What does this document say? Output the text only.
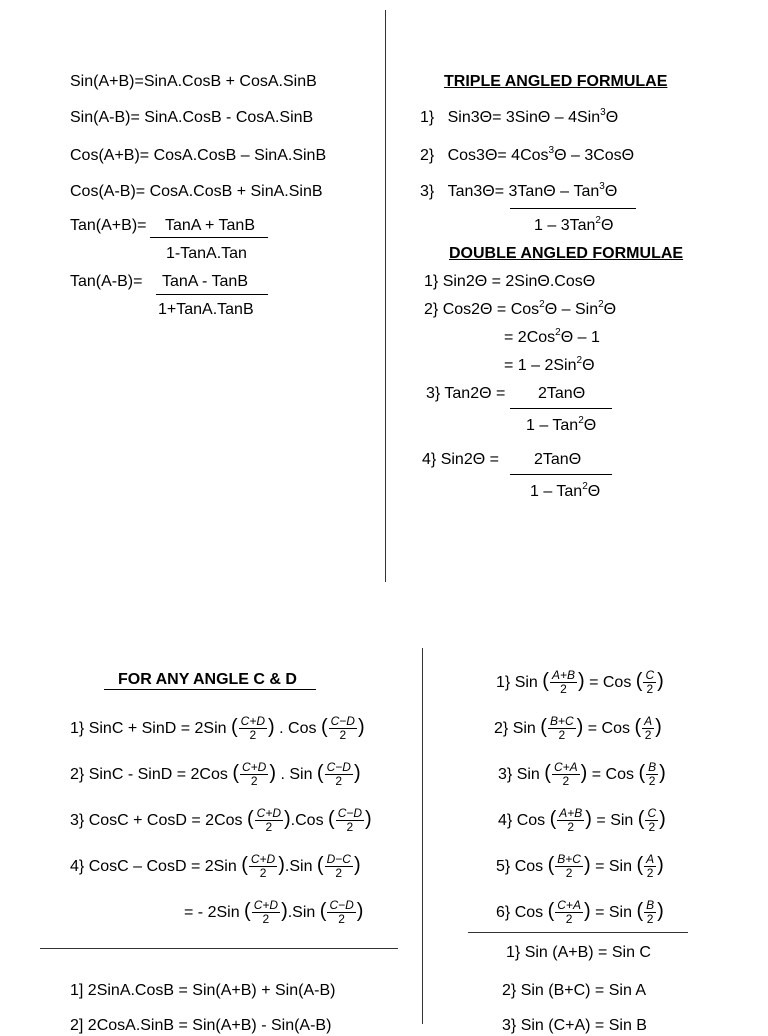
Sin(A+B)=SinA.CosB + CosA.SinB
Sin(A-B)= SinA.CosB - CosA.SinB
Cos(A+B)= CosA.CosB – SinA.SinB
Cos(A-B)= CosA.CosB + SinA.SinB
Tan(A+B)= TanA + TanB
1-TanA.Tan
Tan(A-B)= TanA - TanB
1+TanA.TanB
TRIPLE ANGLED FORMULAE
1} Sin3Θ= 3SinΘ – 4Sin$^3$Θ
2} Cos3Θ= 4Cos$^3$Θ – 3CosΘ
3} Tan3Θ= 3TanΘ – Tan$^3$Θ
1 – 3Tan$^2$Θ
DOUBLE ANGLED FORMULAE
1} Sin2Θ = 2SinΘ.CosΘ
2} Cos2Θ = Cos$^2$Θ – Sin$^2$Θ
= 2Cos$^2$Θ – 1
= 1 – 2Sin$^2$Θ
3} Tan2Θ = 2TanΘ
1 – Tan$^2$Θ
4} Sin2Θ = 2TanΘ
1 – Tan$^2$Θ
FOR ANY ANGLE C & D
1} SinC + SinD = 2Sin ( $\frac{C+D}{2}$ ) . Cos ( $\frac{C-D}{2}$ )
2} SinC - SinD = 2Cos ( $\frac{C+D}{2}$ ) . Sin ( $\frac{C-D}{2}$ )
3} CosC + CosD = 2Cos ( $\frac{C+D}{2} ).Cos$ ( $\frac{C-D}{2}$ )
4} CosC – CosD = 2Sin ( $\frac{C+D}{2} ).Sin$ ( $\frac{D-C}{2}$ )
= - 2Sin ( $\frac{C+D}{2} ).Sin$ ( $\frac{C-D}{2}$ )
1} Sin ( $\frac{A+B}{2}$ ) = Cos ( $\frac{C}{2}$ )
2} Sin ( $\frac{B+C}{2}$ ) = Cos ( $\frac{A}{2}$ )
3} Sin ( $\frac{C+A}{2}$ ) = Cos ( $\frac{B}{2}$ )
4} Cos ( $\frac{A+B}{2}$ ) = Sin ( $\frac{C}{2}$ )
5} Cos ( $\frac{B+C}{2}$ ) = Sin ( $\frac{A}{2}$ )
6} Cos ( $\frac{C+A}{2}$ ) = Sin ( $\frac{B}{2}$ )
1} Sin (A+B) = Sin C
2} Sin (B+C) = Sin A
3} Sin (C+A) = Sin B
1] 2SinA.CosB = Sin(A+B) + Sin(A-B)
2] 2CosA.SinB = Sin(A+B) - Sin(A-B)
